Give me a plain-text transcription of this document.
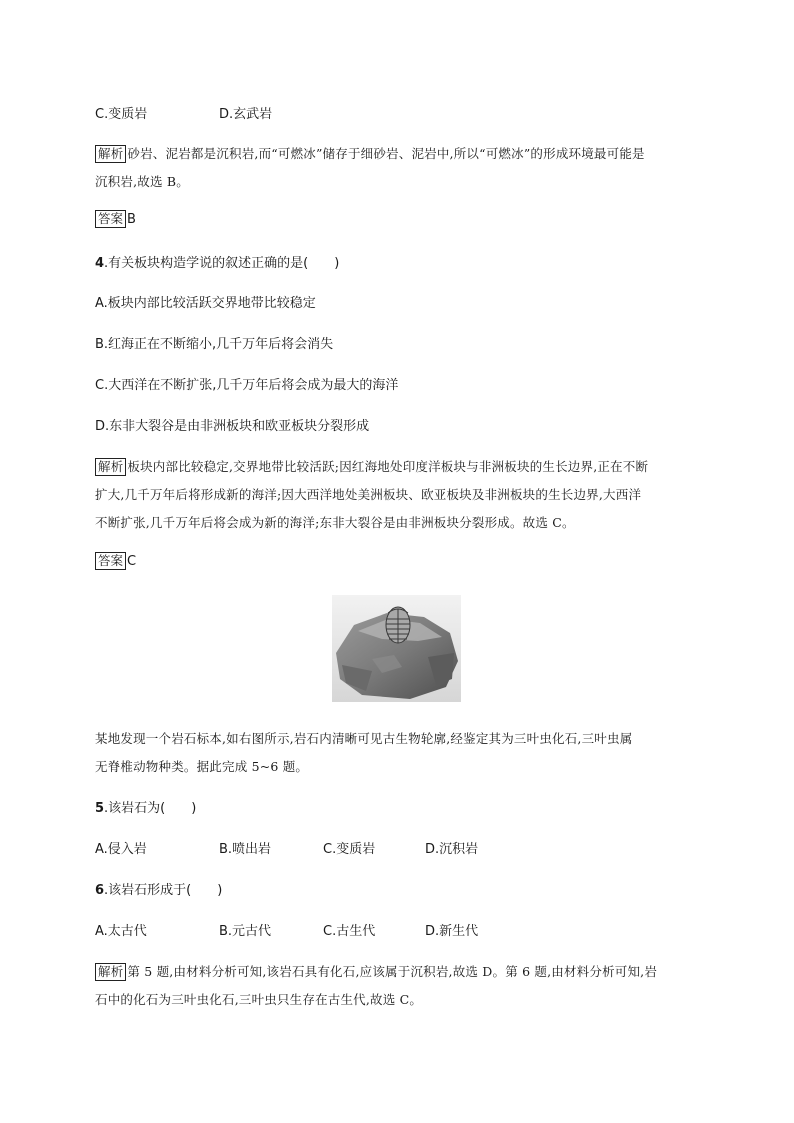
C.变质岩	D.玄武岩
解析 砂岩、泥岩都是沉积岩,而“可燃冰”储存于细砂岩、泥岩中,所以“可燃冰”的形成环境最可能是
沉积岩,故选 B。
答案 B
4.有关板块构造学说的叙述正确的是(　　)
A.板块内部比较活跃交界地带比较稳定
B.红海正在不断缩小,几千万年后将会消失
C.大西洋在不断扩张,几千万年后将会成为最大的海洋
D.东非大裂谷是由非洲板块和欧亚板块分裂形成
解析 板块内部比较稳定,交界地带比较活跃;因红海地处印度洋板块与非洲板块的生长边界,正在不断
扩大,几千万年后将形成新的海洋;因大西洋地处美洲板块、欧亚板块及非洲板块的生长边界,大西洋
不断扩张,几千万年后将会成为新的海洋;东非大裂谷是由非洲板块分裂形成。故选 C。
答案 C
某地发现一个岩石标本,如右图所示,岩石内清晰可见古生物轮廓,经鉴定其为三叶虫化石,三叶虫属
无脊椎动物种类。据此完成 5~6 题。
5.该岩石为(　　)
A.侵入岩	B.喷出岩	C.变质岩	D.沉积岩
6.该岩石形成于(　　)
A.太古代	B.元古代	C.古生代	D.新生代
解析 第 5 题,由材料分析可知,该岩石具有化石,应该属于沉积岩,故选 D。第 6 题,由材料分析可知,岩
石中的化石为三叶虫化石,三叶虫只生存在古生代,故选 C。
